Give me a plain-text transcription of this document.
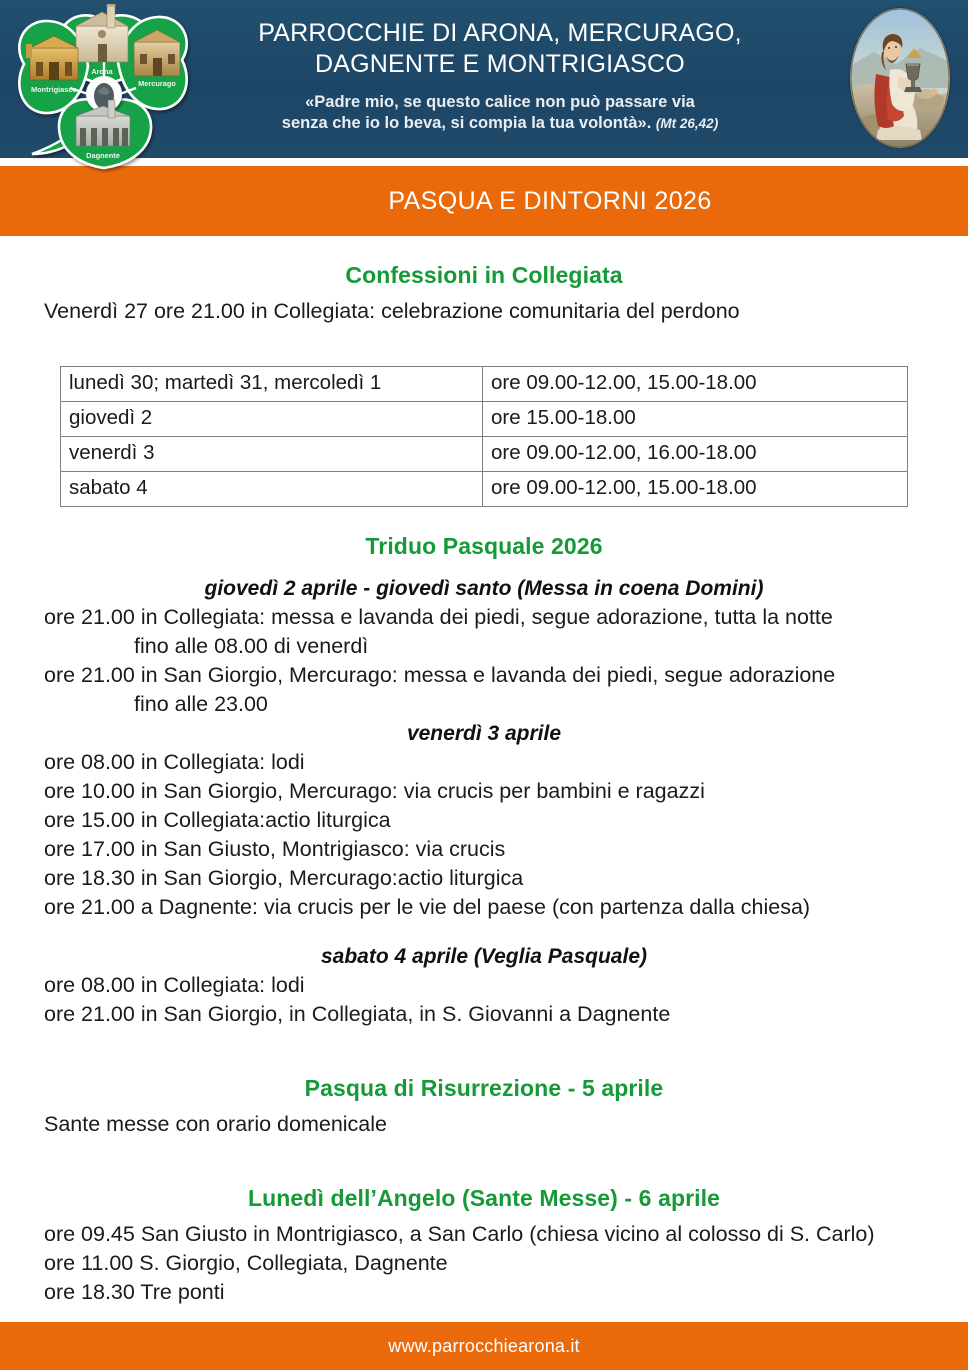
PARROCCHIE DI ARONA, MERCURAGO,
DAGNENTE E MONTRIGIASCO
«Padre mio, se questo calice non può passare via
senza che io lo beva, si compia la tua volontà». (Mt 26,42)
PASQUA E DINTORNI 2026
Arona
Mercurago
Montrigiasco
Dagnente
Confessioni in Collegiata

Venerdì 27 ore 21.00 in Collegiata: celebrazione comunitaria del perdono

lunedì 30; martedì 31, mercoledì 1	ore 09.00-12.00, 15.00-18.00
giovedì 2	ore 15.00-18.00
venerdì 3	ore 09.00-12.00, 16.00-18.00
sabato 4	ore 09.00-12.00, 15.00-18.00
Triduo Pasquale 2026

giovedì 2 aprile - giovedì santo (Messa in coena Domini)

ore 21.00 in Collegiata: messa e lavanda dei piedi, segue adorazione, tutta la notte

fino alle 08.00 di venerdì

ore 21.00 in San Giorgio, Mercurago: messa e lavanda dei piedi, segue adorazione

fino alle 23.00

venerdì 3 aprile

ore 08.00 in Collegiata: lodi

ore 10.00 in San Giorgio, Mercurago: via crucis per bambini e ragazzi

ore 15.00 in Collegiata:actio liturgica

ore 17.00 in San Giusto, Montrigiasco: via crucis

ore 18.30 in San Giorgio, Mercurago:actio liturgica

ore 21.00 a Dagnente: via crucis per le vie del paese (con partenza dalla chiesa)

sabato 4 aprile (Veglia Pasquale)

ore 08.00 in Collegiata: lodi

ore 21.00 in San Giorgio, in Collegiata, in S. Giovanni a Dagnente

Pasqua di Risurrezione - 5 aprile

Sante messe con orario domenicale

Lunedì dell’Angelo (Sante Messe) - 6 aprile

ore 09.45 San Giusto in Montrigiasco, a San Carlo (chiesa vicino al colosso di S. Carlo)

ore 11.00 S. Giorgio, Collegiata, Dagnente

ore 18.30 Tre ponti

www.parrocchiearona.it
